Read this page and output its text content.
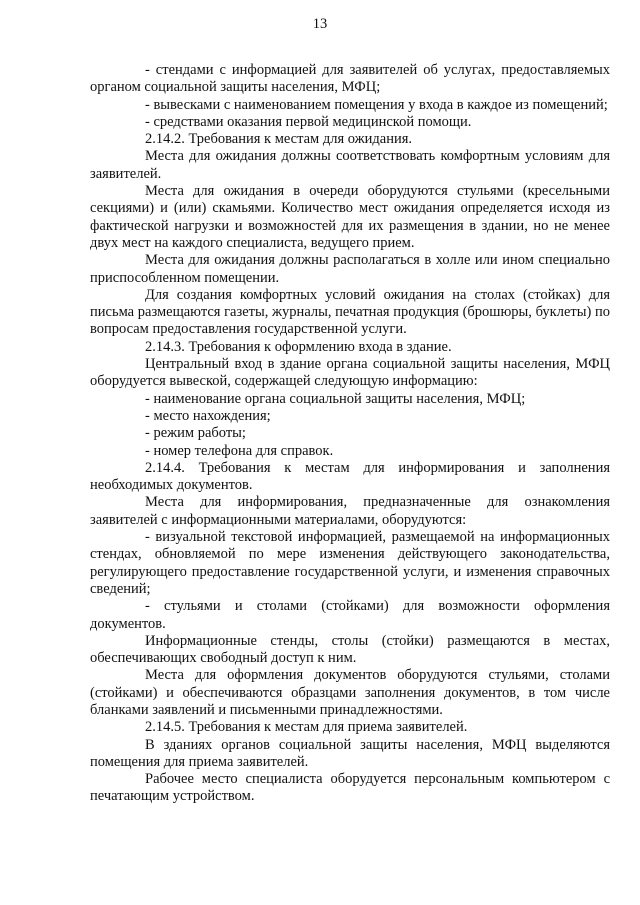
13

- стендами с информацией для заявителей об услугах, предоставляемых органом социальной защиты населения, МФЦ;

- вывесками с наименованием помещения у входа в каждое из помещений;

- средствами оказания первой медицинской помощи.

2.14.2. Требования к местам для ожидания.

Места для ожидания должны соответствовать комфортным условиям для заявителей.

Места для ожидания в очереди оборудуются стульями (кресельными секциями) и (или) скамьями. Количество мест ожидания определяется исходя из фактической нагрузки и возможностей для их размещения в здании, но не менее двух мест на каждого специалиста, ведущего прием.

Места для ожидания должны располагаться в холле или ином специально приспособленном помещении.

Для создания комфортных условий ожидания на столах (стойках) для письма размещаются газеты, журналы, печатная продукция (брошюры, буклеты) по вопросам предоставления государственной услуги.

2.14.3. Требования к оформлению входа в здание.

Центральный вход в здание органа социальной защиты населения, МФЦ оборудуется вывеской, содержащей следующую информацию:

- наименование органа социальной защиты населения, МФЦ;

- место нахождения;

- режим работы;

- номер телефона для справок.

2.14.4. Требования к местам для информирования и заполнения необходимых документов.

Места для информирования, предназначенные для ознакомления заявителей с информационными материалами, оборудуются:

- визуальной текстовой информацией, размещаемой на информационных стендах, обновляемой по мере изменения действующего законодательства, регулирующего предоставление государственной услуги, и изменения справочных сведений;

- стульями и столами (стойками) для возможности оформления документов.

Информационные стенды, столы (стойки) размещаются в местах, обеспечивающих свободный доступ к ним.

Места для оформления документов оборудуются стульями, столами (стойками) и обеспечиваются образцами заполнения документов, в том числе бланками заявлений и письменными принадлежностями.

2.14.5. Требования к местам для приема заявителей.

В зданиях органов социальной защиты населения, МФЦ выделяются помещения для приема заявителей.

Рабочее место специалиста оборудуется персональным компьютером с печатающим устройством.
